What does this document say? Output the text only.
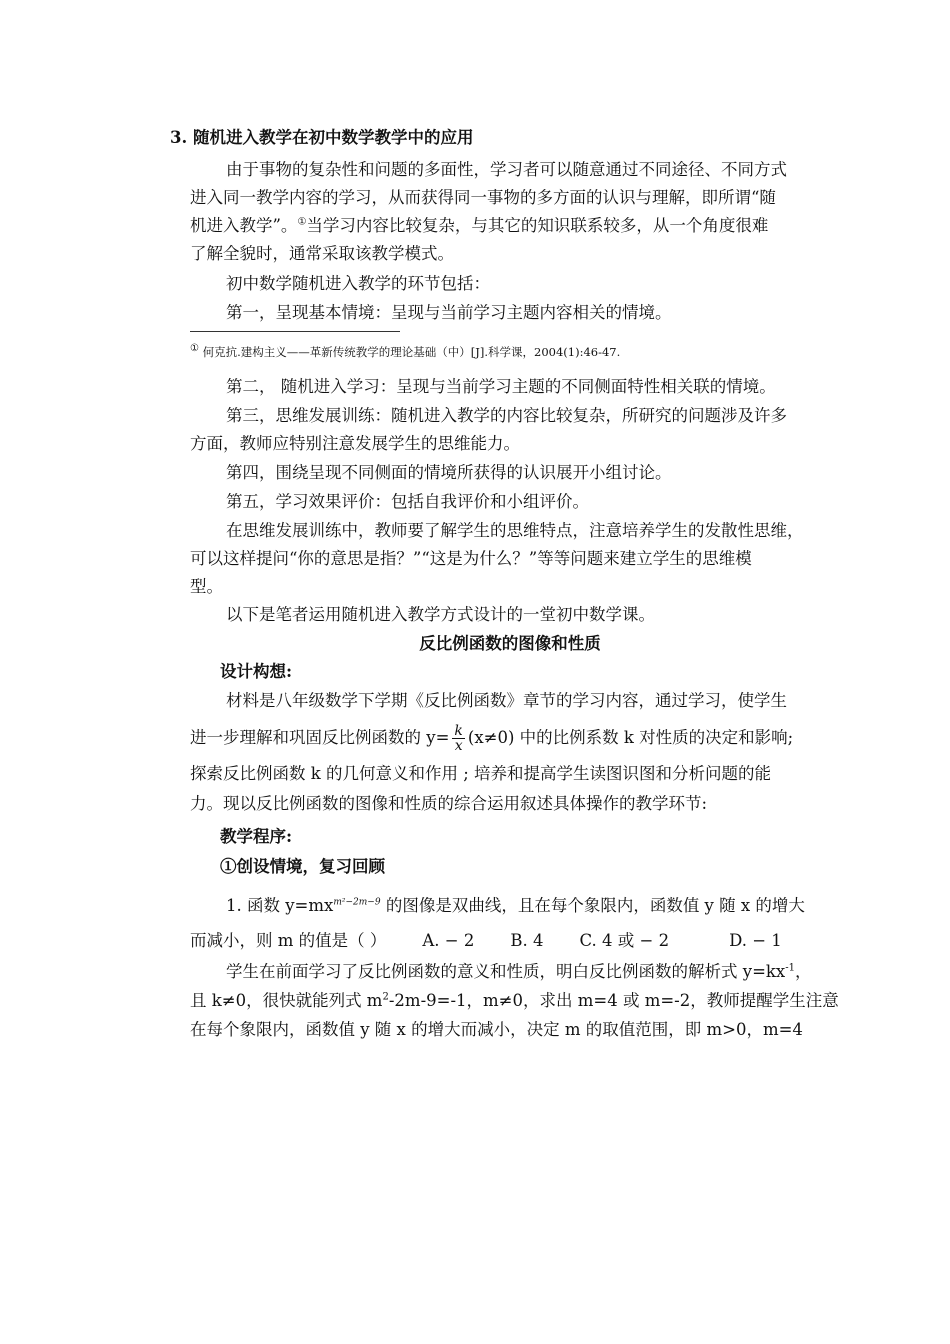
3. 随机进入教学在初中数学教学中的应用
由于事物的复杂性和问题的多面性，学习者可以随意通过不同途径、不同方式
进入同一教学内容的学习，从而获得同一事物的多方面的认识与理解，即所谓“随
机进入教学”。①当学习内容比较复杂，与其它的知识联系较多，从一个角度很难
了解全貌时，通常采取该教学模式。
初中数学随机进入教学的环节包括：
第一，呈现基本情境：呈现与当前学习主题内容相关的情境。
① 何克抗.建构主义——革新传统教学的理论基础（中）[J].科学课，2004(1):46-47.
第二， 随机进入学习：呈现与当前学习主题的不同侧面特性相关联的情境。
第三，思维发展训练：随机进入教学的内容比较复杂，所研究的问题涉及许多
方面，教师应特别注意发展学生的思维能力。
第四，围绕呈现不同侧面的情境所获得的认识展开小组讨论。
第五，学习效果评价：包括自我评价和小组评价。
在思维发展训练中，教师要了解学生的思维特点，注意培养学生的发散性思维，
可以这样提问“你的意思是指？”“这是为什么？”等等问题来建立学生的思维模
型。
以下是笔者运用随机进入教学方式设计的一堂初中数学课。
反比例函数的图像和性质
设计构想:
材料是八年级数学下学期《反比例函数》章节的学习内容，通过学习，使学生
进一步理解和巩固反比例函数的 $y= \frac{k}{x} (x\ne 0)$ 中的比例系数 k 对性质的决定和影响;
探索反比例函数 k 的几何意义和作用 ; 培养和提高学生读图识图和分析问题的能
力。现以反比例函数的图像和性质的综合运用叙述具体操作的教学环节:
教学程序:
①创设情境，复习回顾
1. 函数 $y=mx^{m^2-2m-9}$ 的图像是双曲线，且在每个象限内，函数值 y 随 x 的增大
而减小，则 m 的值是（ ） A. − 2 B. 4 C. 4 或 − 2	D. − 1
学生在前面学习了反比例函数的意义和性质，明白反比例函数的解析式 $y=kx^{-1}$，
且 k≠0，很快就能列式 $m^2-2m-9=-1$，m≠0，求出 m=4 或 m=-2，教师提醒学生注意
在每个象限内，函数值 y 随 x 的增大而减小，决定 m 的取值范围，即 m>0，m=4
